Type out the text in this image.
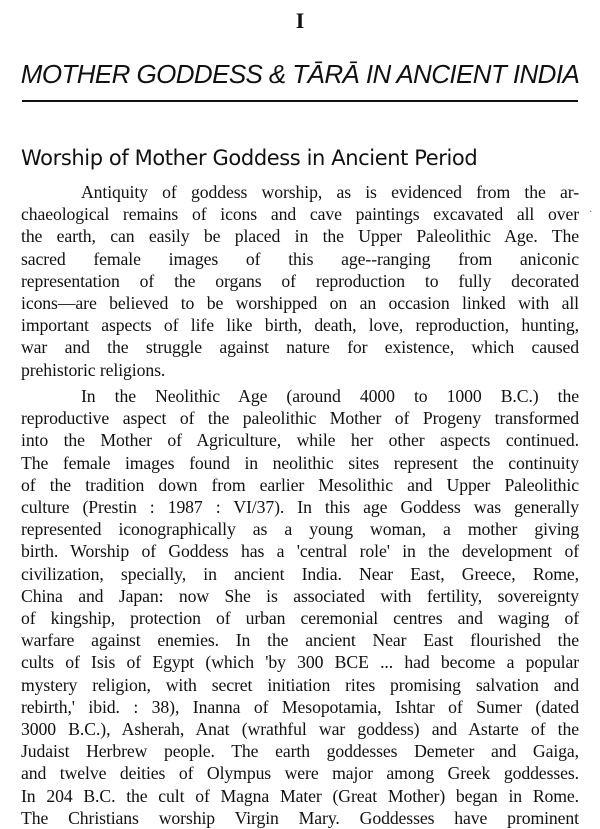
I
MOTHER GODDESS & TĀRĀ IN ANCIENT INDIA
Worship of Mother Goddess in Ancient Period
Antiquity of goddess worship, as is evidenced from the ar-
chaeological remains of icons and cave paintings excavated all over
the earth, can easily be placed in the Upper Paleolithic Age. The
sacred female images of this age--ranging from aniconic
representation of the organs of reproduction to fully decorated
icons—are believed to be worshipped on an occasion linked with all
important aspects of life like birth, death, love, reproduction, hunting,
war and the struggle against nature for existence, which caused
prehistoric religions.
In the Neolithic Age (around 4000 to 1000 B.C.) the
reproductive aspect of the paleolithic Mother of Progeny transformed
into the Mother of Agriculture, while her other aspects continued.
The female images found in neolithic sites represent the continuity
of the tradition down from earlier Mesolithic and Upper Paleolithic
culture (Prestin : 1987 : VI/37). In this age Goddess was generally
represented iconographically as a young woman, a mother giving
birth. Worship of Goddess has a 'central role' in the development of
civilization, specially, in ancient India. Near East, Greece, Rome,
China and Japan: now She is associated with fertility, sovereignty
of kingship, protection of urban ceremonial centres and waging of
warfare against enemies. In the ancient Near East flourished the
cults of Isis of Egypt (which 'by 300 BCE ... had become a popular
mystery religion, with secret initiation rites promising salvation and
rebirth,' ibid. : 38), Inanna of Mesopotamia, Ishtar of Sumer (dated
3000 B.C.), Asherah, Anat (wrathful war goddess) and Astarte of the
Judaist Herbrew people. The earth goddesses Demeter and Gaiga,
and twelve deities of Olympus were major among Greek goddesses.
In 204 B.C. the cult of Magna Mater (Great Mother) began in Rome.
The Christians worship Virgin Mary. Goddesses have prominent
·
